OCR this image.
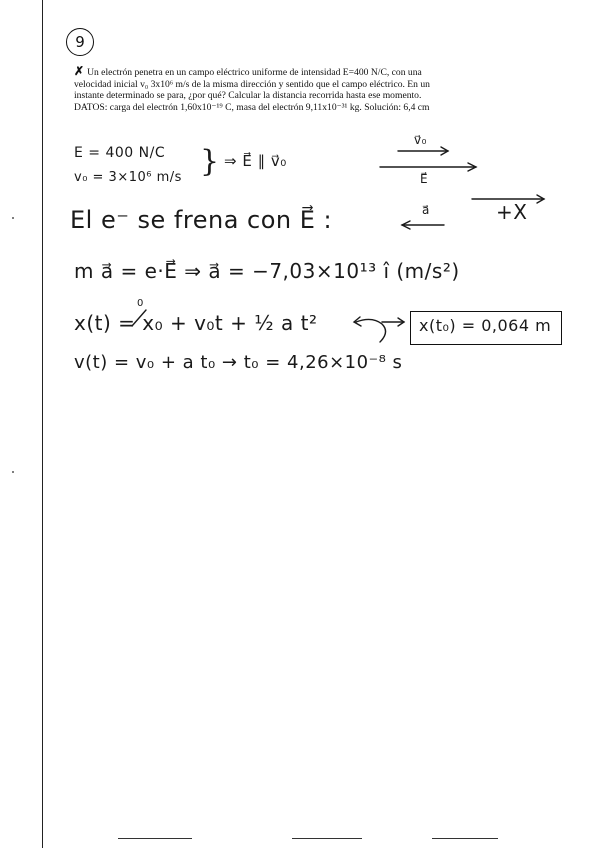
9
✗ Un electrón penetra en un campo eléctrico uniforme de intensidad E=400 N/C, con una
velocidad inicial v₀ 3x10⁶ m/s de la misma dirección y sentido que el campo eléctrico. En un
instante determinado se para, ¿por qué? Calcular la distancia recorrida hasta ese momento.
DATOS: carga del electrón 1,60x10⁻¹⁹ C, masa del electrón 9,11x10⁻³¹ kg. Solución: 6,4 cm
E = 400 N/C
v₀ = 3×10⁶ m/s } ⇒ E⃗ ∥ v⃗₀
v⃗₀
E⃗
El e⁻ se frena con E⃗ :	a⃗	+X
m a⃗ = e·E⃗ ⇒ a⃗ = −7,03×10¹³ î (m/s²)
x(t) = x₀ + v₀t + ½ a t²
0
x(t₀) = 0,064 m
v(t) = v₀ + a t₀ → t₀ = 4,26×10⁻⁸ s
